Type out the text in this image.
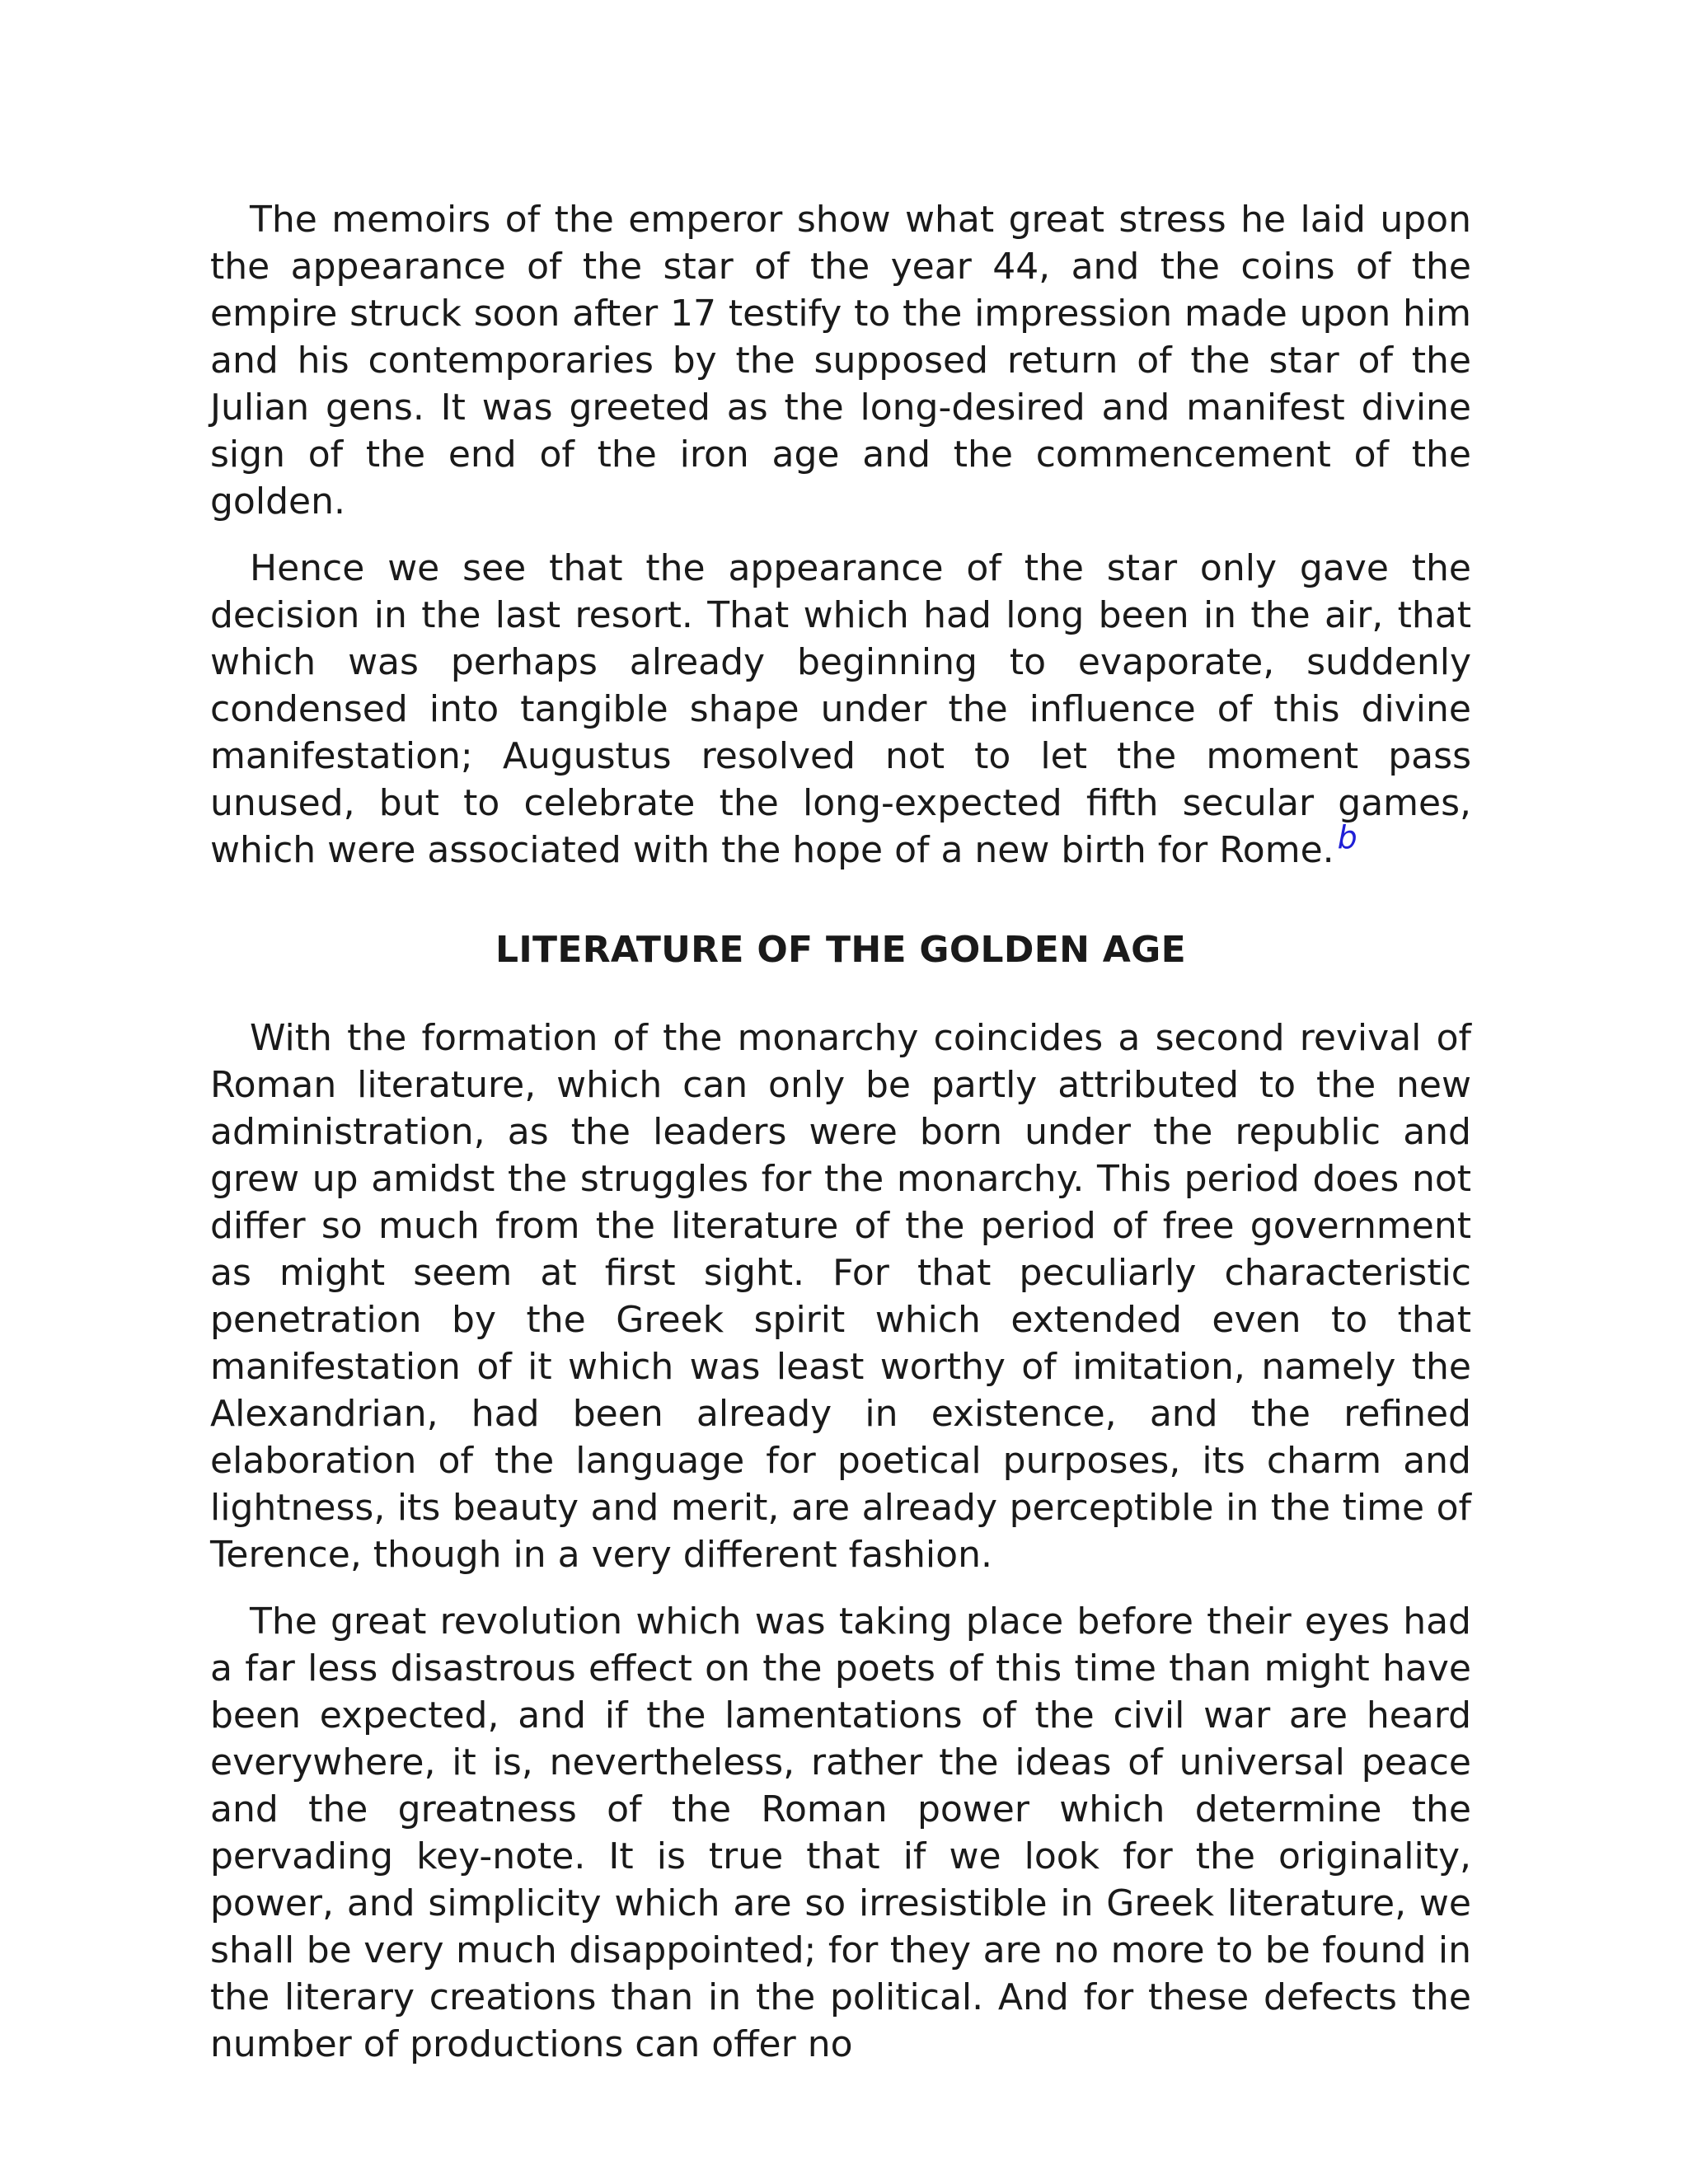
The memoirs of the emperor show what great stress he laid upon the appearance of the star of the year 44, and the coins of the empire struck soon after 17 testify to the impression made upon him and his contemporaries by the supposed return of the star of the Julian gens. It was greeted as the long-desired and manifest divine sign of the end of the iron age and the commencement of the golden.

Hence we see that the appearance of the star only gave the decision in the last resort. That which had long been in the air, that which was perhaps already beginning to evaporate, suddenly condensed into tangible shape under the influence of this divine manifestation; Augustus resolved not to let the moment pass unused, but to celebrate the long-expected fifth secular games, which were associated with the hope of a new birth for Rome. b

LITERATURE OF THE GOLDEN AGE

With the formation of the monarchy coincides a second revival of Roman literature, which can only be partly attributed to the new administration, as the leaders were born under the republic and grew up amidst the struggles for the monarchy. This period does not differ so much from the literature of the period of free government as might seem at first sight. For that peculiarly characteristic penetration by the Greek spirit which extended even to that manifestation of it which was least worthy of imitation, namely the Alexandrian, had been already in existence, and the refined elaboration of the language for poetical purposes, its charm and lightness, its beauty and merit, are already perceptible in the time of Terence, though in a very different fashion.

The great revolution which was taking place before their eyes had a far less disastrous effect on the poets of this time than might have been expected, and if the lamentations of the civil war are heard everywhere, it is, nevertheless, rather the ideas of universal peace and the greatness of the Roman power which determine the pervading key-note. It is true that if we look for the originality, power, and simplicity which are so irresistible in Greek literature, we shall be very much disappointed; for they are no more to be found in the literary creations than in the political. And for these defects the number of productions can offer no
